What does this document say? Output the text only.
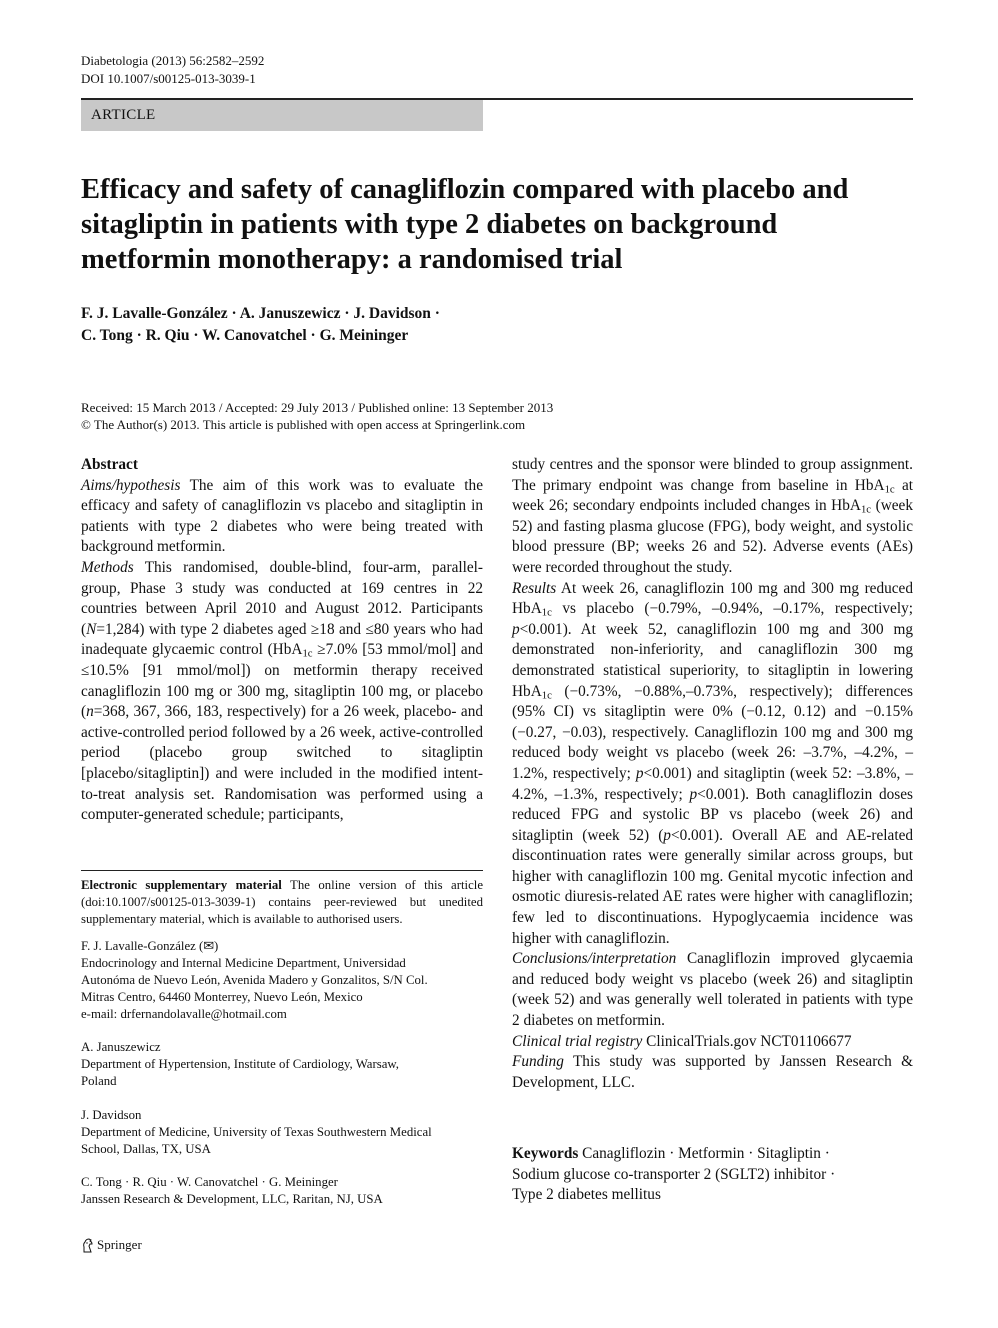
Diabetologia (2013) 56:2582–2592
DOI 10.1007/s00125-013-3039-1
ARTICLE
Efficacy and safety of canagliflozin compared with placebo and sitagliptin in patients with type 2 diabetes on background metformin monotherapy: a randomised trial
F. J. Lavalle-González · A. Januszewicz · J. Davidson ·
C. Tong · R. Qiu · W. Canovatchel · G. Meininger
Received: 15 March 2013 / Accepted: 29 July 2013 / Published online: 13 September 2013
© The Author(s) 2013. This article is published with open access at Springerlink.com

Abstract

Aims/hypothesis The aim of this work was to evaluate the efficacy and safety of canagliflozin vs placebo and sitagliptin in patients with type 2 diabetes who were being treated with background metformin.

Methods This randomised, double-blind, four-arm, parallel-group, Phase 3 study was conducted at 169 centres in 22 countries between April 2010 and August 2012. Participants (N=1,284) with type 2 diabetes aged ≥18 and ≤80 years who had inadequate glycaemic control (HbA$_{1c}$ ≥7.0% [53 mmol/mol] and ≤10.5% [91 mmol/mol]) on metformin therapy received canagliflozin 100 mg or 300 mg, sitagliptin 100 mg, or placebo (n=368, 367, 366, 183, respectively) for a 26 week, placebo- and active-controlled period followed by a 26 week, active-controlled period (placebo group switched to sitagliptin [placebo/sitagliptin]) and were included in the modified intent-to-treat analysis set. Randomisation was performed using a computer-generated schedule; participants,

study centres and the sponsor were blinded to group assignment. The primary endpoint was change from baseline in HbA$_{1c}$ at week 26; secondary endpoints included changes in HbA$_{1c}$ (week 52) and fasting plasma glucose (FPG), body weight, and systolic blood pressure (BP; weeks 26 and 52). Adverse events (AEs) were recorded throughout the study.

Results At week 26, canagliflozin 100 mg and 300 mg reduced HbA$_{1c}$ vs placebo (−0.79%, –0.94%, –0.17%, respectively; p<0.001). At week 52, canagliflozin 100 mg and 300 mg demonstrated non-inferiority, and canagliflozin 300 mg demonstrated statistical superiority, to sitagliptin in lowering HbA$_{1c}$ (−0.73%, −0.88%,–0.73%, respectively); differences (95% CI) vs sitagliptin were 0% (−0.12, 0.12) and −0.15% (−0.27, −0.03), respectively. Canagliflozin 100 mg and 300 mg reduced body weight vs placebo (week 26: –3.7%, –4.2%, –1.2%, respectively; p<0.001) and sitagliptin (week 52: –3.8%, –4.2%, –1.3%, respectively; p<0.001). Both canagliflozin doses reduced FPG and systolic BP vs placebo (week 26) and sitagliptin (week 52) (p<0.001). Overall AE and AE-related discontinuation rates were generally similar across groups, but higher with canagliflozin 100 mg. Genital mycotic infection and osmotic diuresis-related AE rates were higher with canagliflozin; few led to discontinuations. Hypoglycaemia incidence was higher with canagliflozin.

Conclusions/interpretation Canagliflozin improved glycaemia and reduced body weight vs placebo (week 26) and sitagliptin (week 52) and was generally well tolerated in patients with type 2 diabetes on metformin.

Clinical trial registry ClinicalTrials.gov NCT01106677

Funding This study was supported by Janssen Research & Development, LLC.

Electronic supplementary material The online version of this article (doi:10.1007/s00125-013-3039-1) contains peer-reviewed but unedited supplementary material, which is available to authorised users.

F. J. Lavalle-González (✉)

Endocrinology and Internal Medicine Department, Universidad

Autonóma de Nuevo León, Avenida Madero y Gonzalitos, S/N Col.

Mitras Centro, 64460 Monterrey, Nuevo León, Mexico

e-mail: drfernandolavalle@hotmail.com

A. Januszewicz

Department of Hypertension, Institute of Cardiology, Warsaw,

Poland

J. Davidson

Department of Medicine, University of Texas Southwestern Medical

School, Dallas, TX, USA

C. Tong · R. Qiu · W. Canovatchel · G. Meininger

Janssen Research & Development, LLC, Raritan, NJ, USA

Keywords Canagliflozin · Metformin · Sitagliptin ·
Sodium glucose co-transporter 2 (SGLT2) inhibitor ·
Type 2 diabetes mellitus
Springer
